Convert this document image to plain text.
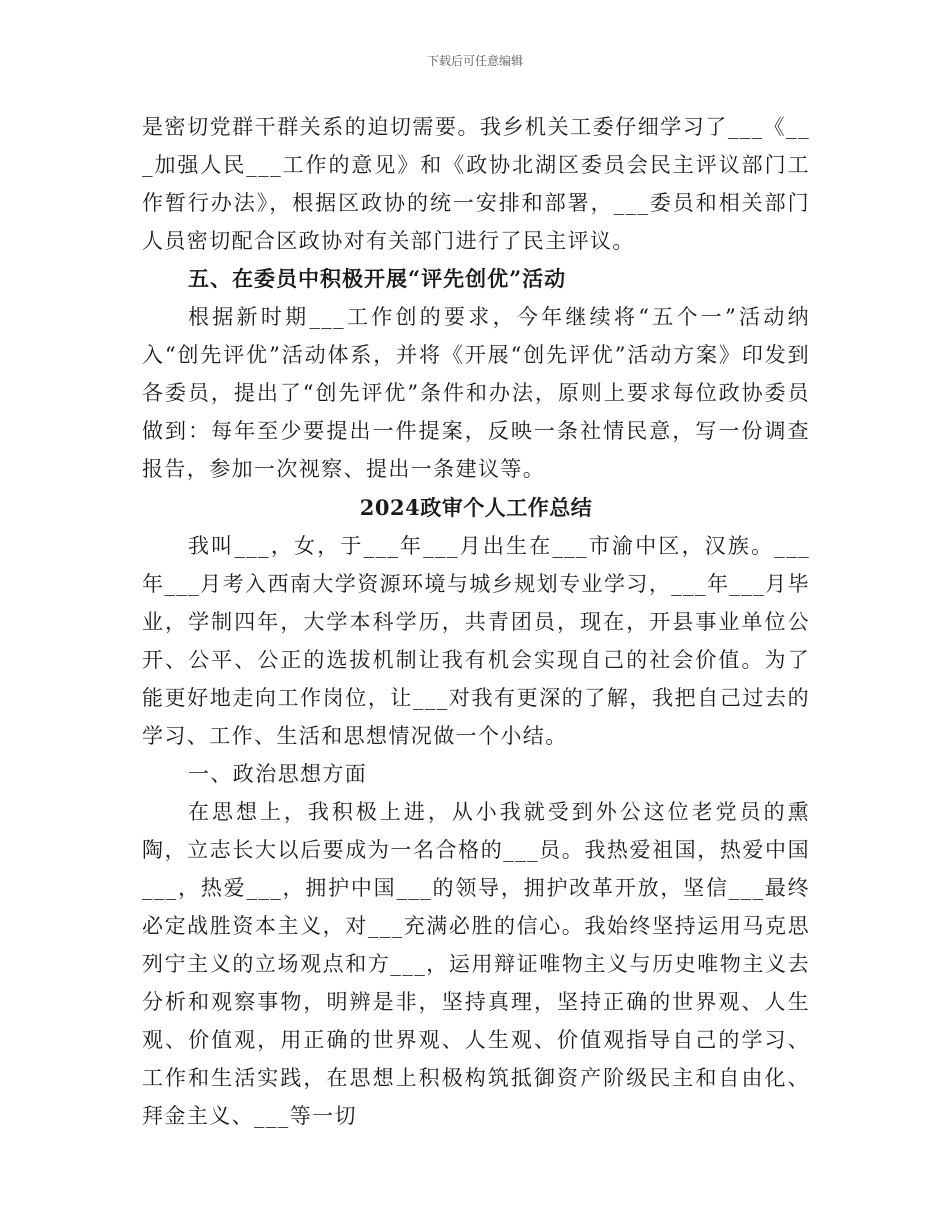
下载后可任意编辑

是密切党群干群关系的迫切需要。我乡机关工委仔细学习了___《___加强人民___工作的意见》和《政协北湖区委员会民主评议部门工作暂行办法》，根据区政协的统一安排和部署，___委员和相关部门人员密切配合区政协对有关部门进行了民主评议。

五、在委员中积极开展“评先创优”活动

根据新时期___工作创的要求，今年继续将“五个一”活动纳入“创先评优”活动体系，并将《开展“创先评优”活动方案》印发到各委员，提出了“创先评优”条件和办法，原则上要求每位政协委员做到：每年至少要提出一件提案，反映一条社情民意，写一份调查报告，参加一次视察、提出一条建议等。

2024政审个人工作总结

我叫___，女，于___年___月出生在___市渝中区，汉族。___年___月考入西南大学资源环境与城乡规划专业学习，___年___月毕业，学制四年，大学本科学历，共青团员，现在，开县事业单位公开、公平、公正的选拔机制让我有机会实现自己的社会价值。为了能更好地走向工作岗位，让___对我有更深的了解，我把自己过去的学习、工作、生活和思想情况做一个小结。

一、政治思想方面

在思想上，我积极上进，从小我就受到外公这位老党员的熏陶，立志长大以后要成为一名合格的___员。我热爱祖国，热爱中国___，热爱___，拥护中国___的领导，拥护改革开放，坚信___最终必定战胜资本主义，对___充满必胜的信心。我始终坚持运用马克思列宁主义的立场观点和方___，运用辩证唯物主义与历史唯物主义去分析和观察事物，明辨是非，坚持真理，坚持正确的世界观、人生观、价值观，用正确的世界观、人生观、价值观指导自己的学习、工作和生活实践，在思想上积极构筑抵御资产阶级民主和自由化、拜金主义、___等一切
